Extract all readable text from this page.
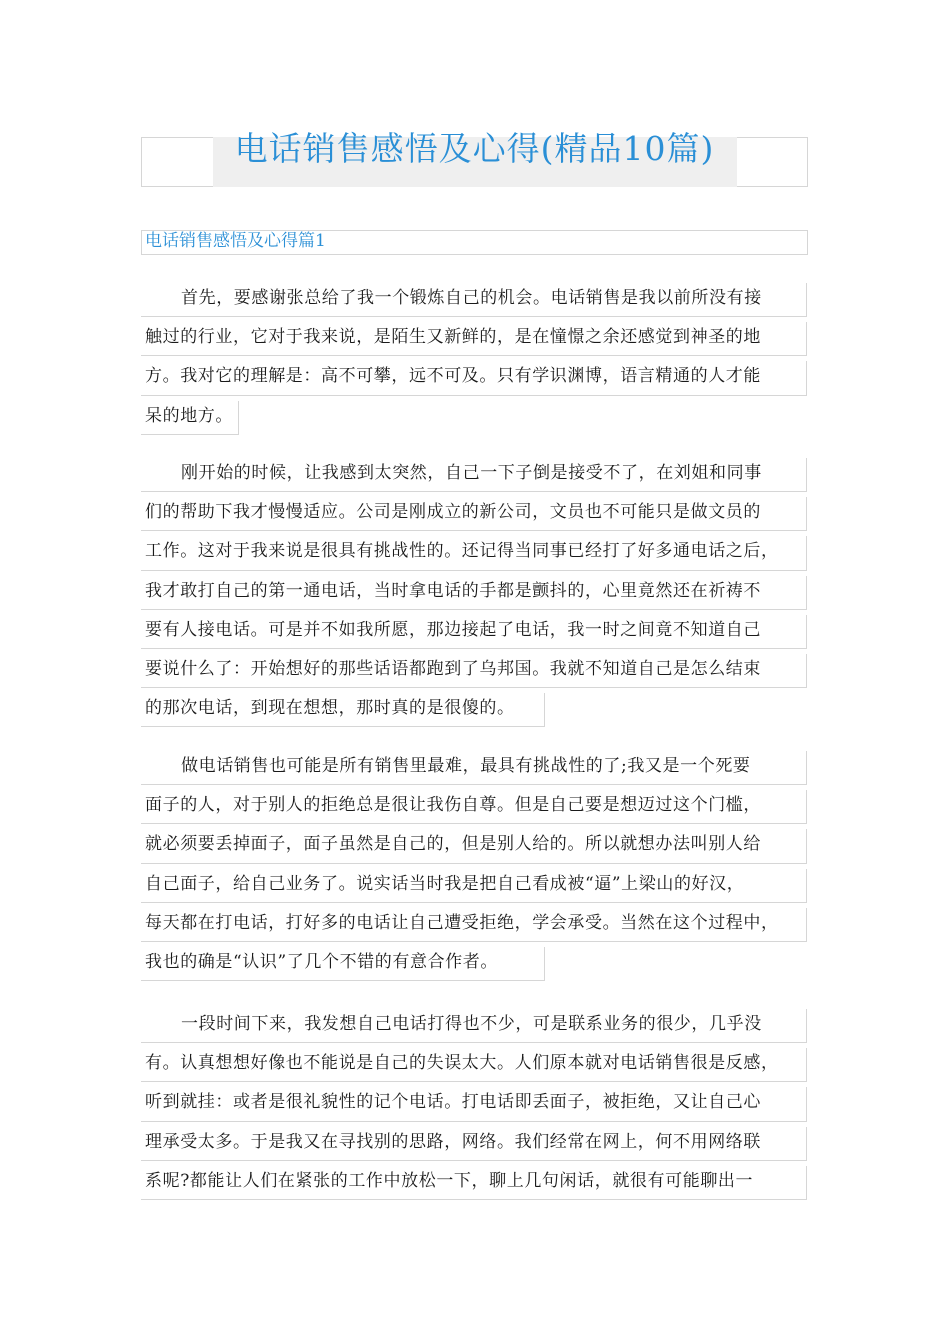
电话销售感悟及心得(精品10篇)
电话销售感悟及心得篇1
首先，要感谢张总给了我一个锻炼自己的机会。电话销售是我以前所没有接
触过的行业，它对于我来说，是陌生又新鲜的，是在憧憬之余还感觉到神圣的地
方。我对它的理解是：高不可攀，远不可及。只有学识渊博，语言精通的人才能
呆的地方。
刚开始的时候，让我感到太突然，自己一下子倒是接受不了，在刘姐和同事
们的帮助下我才慢慢适应。公司是刚成立的新公司，文员也不可能只是做文员的
工作。这对于我来说是很具有挑战性的。还记得当同事已经打了好多通电话之后，
我才敢打自己的第一通电话，当时拿电话的手都是颤抖的，心里竟然还在祈祷不
要有人接电话。可是并不如我所愿，那边接起了电话，我一时之间竟不知道自己
要说什么了：开始想好的那些话语都跑到了乌邦国。我就不知道自己是怎么结束
的那次电话，到现在想想，那时真的是很傻的。
做电话销售也可能是所有销售里最难，最具有挑战性的了;我又是一个死要
面子的人，对于别人的拒绝总是很让我伤自尊。但是自己要是想迈过这个门槛，
就必须要丢掉面子，面子虽然是自己的，但是别人给的。所以就想办法叫别人给
自己面子，给自己业务了。说实话当时我是把自己看成被“逼”上梁山的好汉，
每天都在打电话，打好多的电话让自己遭受拒绝，学会承受。当然在这个过程中，
我也的确是“认识”了几个不错的有意合作者。
一段时间下来，我发想自己电话打得也不少，可是联系业务的很少，几乎没
有。认真想想好像也不能说是自己的失误太大。人们原本就对电话销售很是反感，
听到就挂：或者是很礼貌性的记个电话。打电话即丢面子，被拒绝，又让自己心
理承受太多。于是我又在寻找别的思路，网络。我们经常在网上，何不用网络联
系呢?都能让人们在紧张的工作中放松一下，聊上几句闲话，就很有可能聊出一
